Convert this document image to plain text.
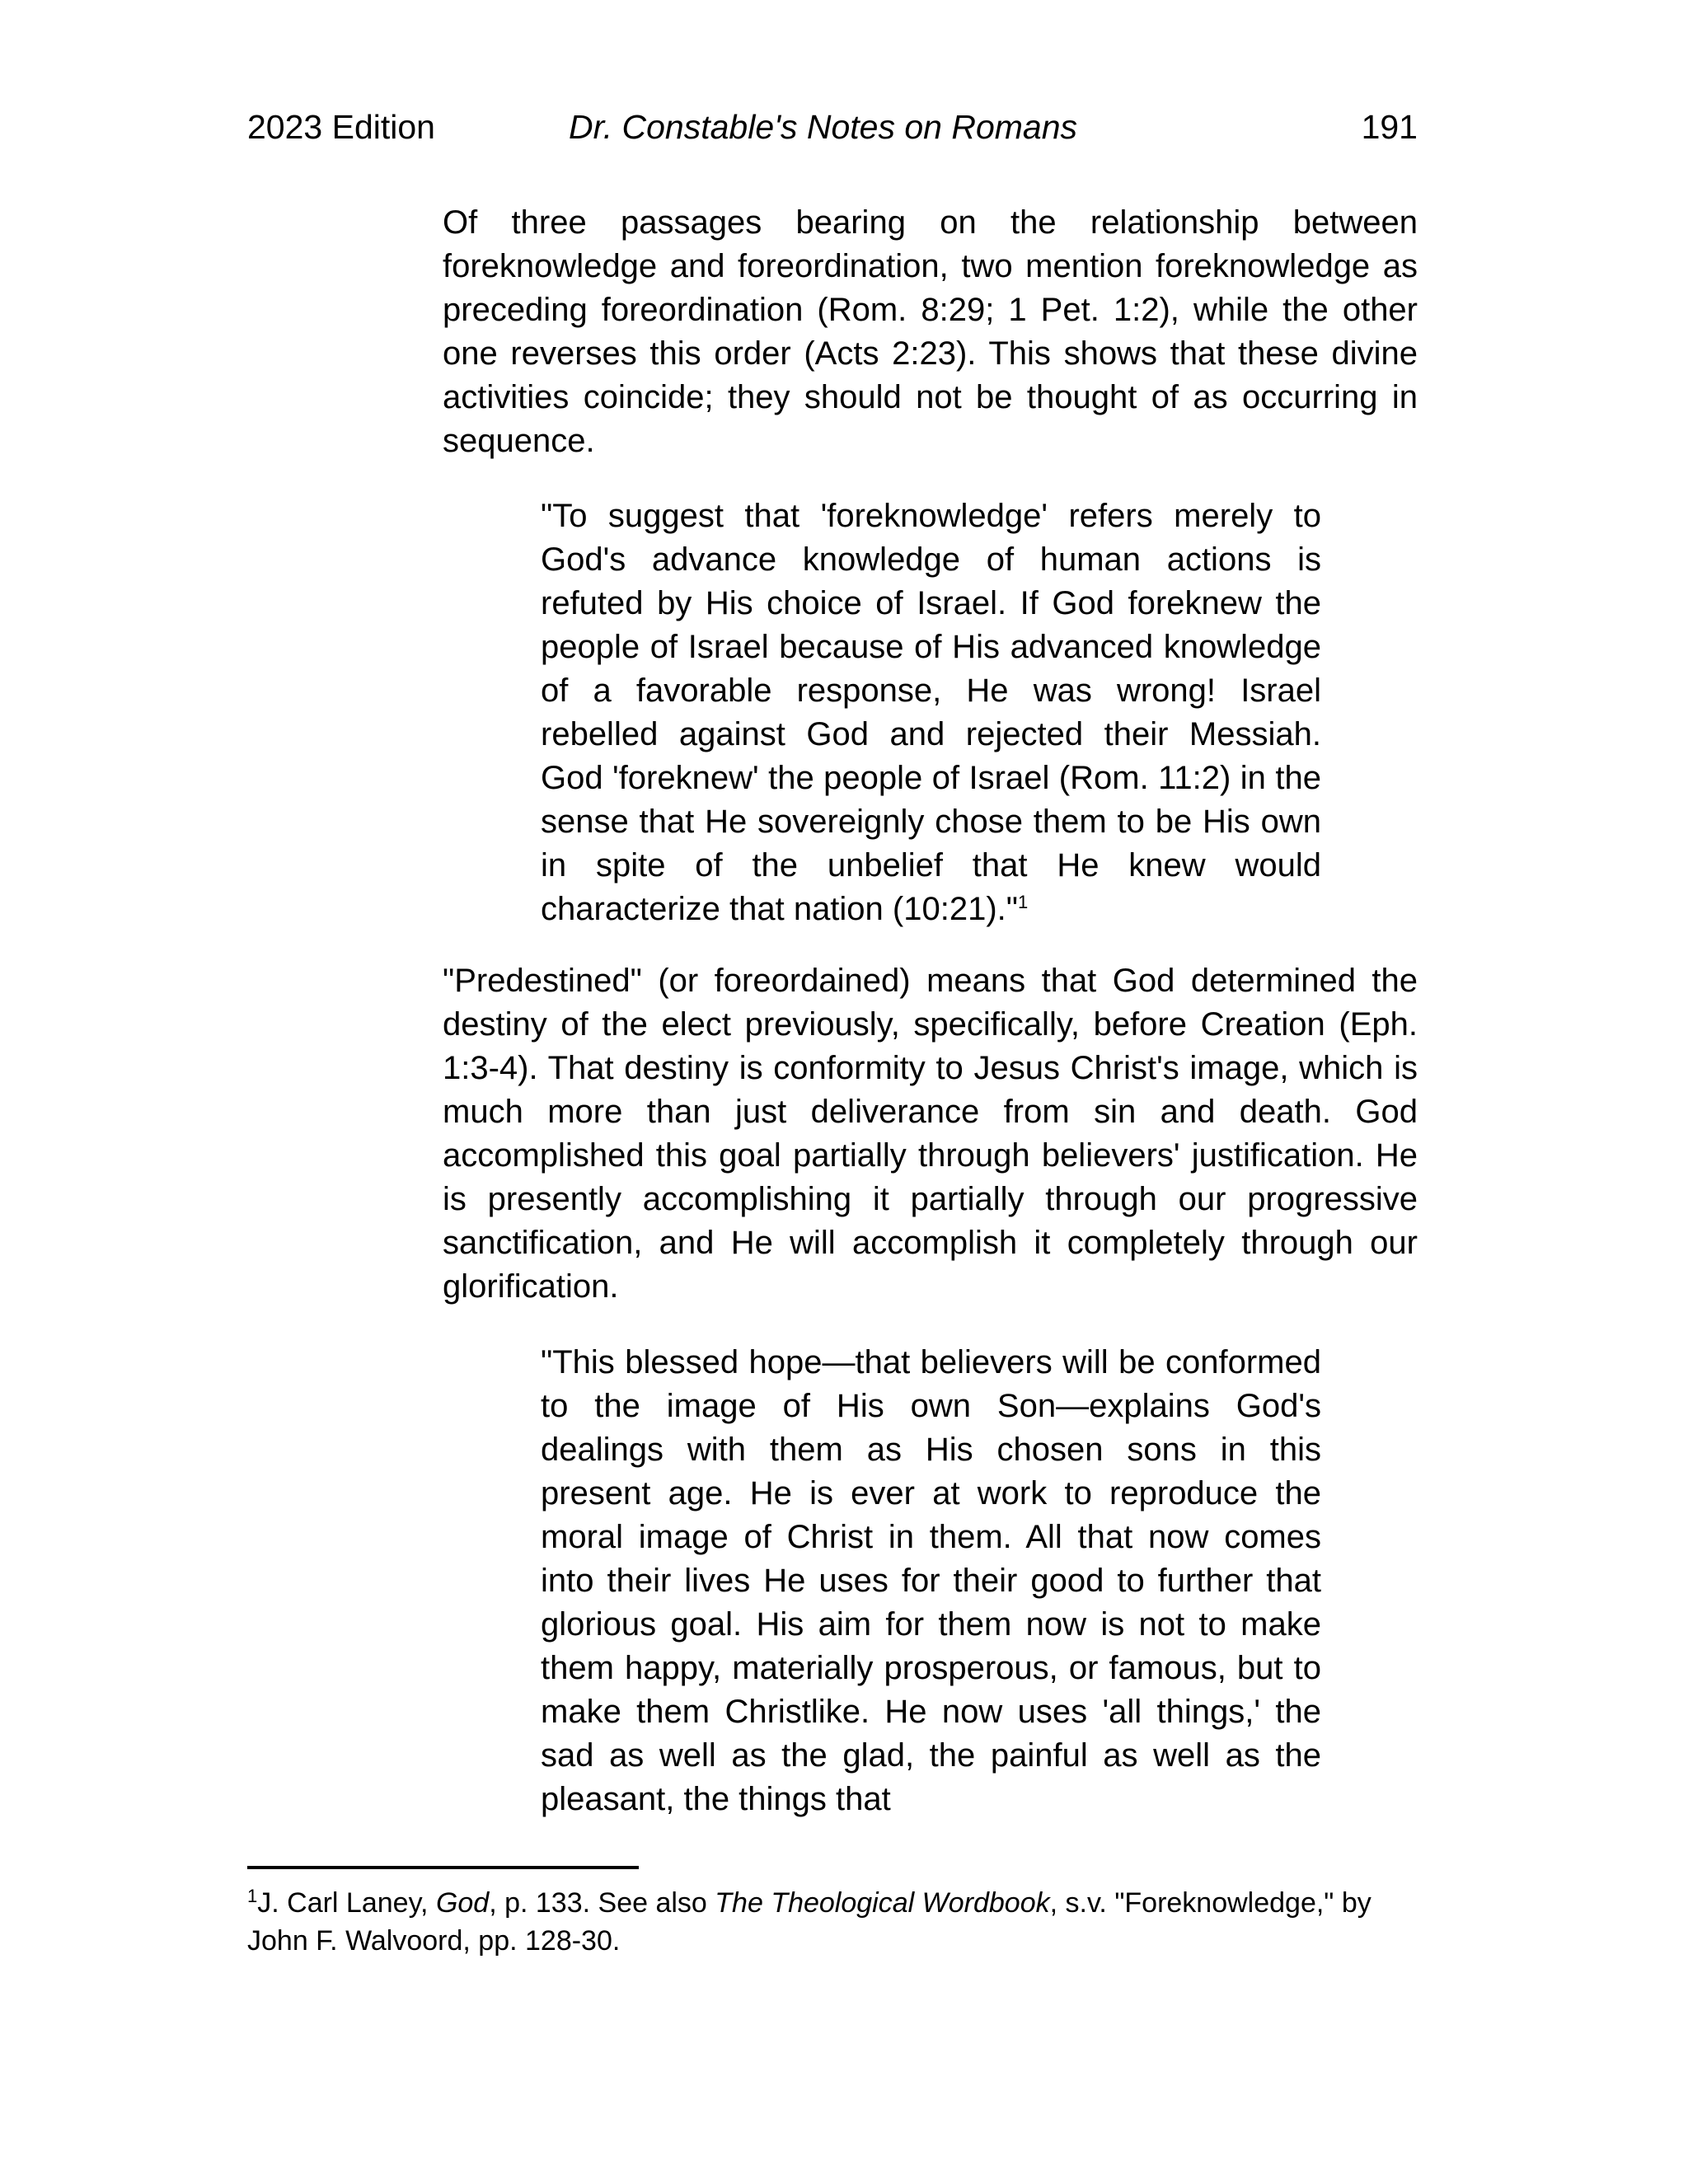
2023 Edition	Dr. Constable's Notes on Romans	191

Of three passages bearing on the relationship between foreknowledge and foreordination, two mention foreknowledge as preceding foreordination (Rom. 8:29; 1 Pet. 1:2), while the other one reverses this order (Acts 2:23). This shows that these divine activities coincide; they should not be thought of as occurring in sequence.

"To suggest that 'foreknowledge' refers merely to God's advance knowledge of human actions is refuted by His choice of Israel. If God foreknew the people of Israel because of His advanced knowledge of a favorable response, He was wrong! Israel rebelled against God and rejected their Messiah. God 'foreknew' the people of Israel (Rom. 11:2) in the sense that He sovereignly chose them to be His own in spite of the unbelief that He knew would characterize that nation (10:21)."$^1$

"Predestined" (or foreordained) means that God determined the destiny of the elect previously, specifically, before Creation (Eph. 1:3-4). That destiny is conformity to Jesus Christ's image, which is much more than just deliverance from sin and death. God accomplished this goal partially through believers' justification. He is presently accomplishing it partially through our progressive sanctification, and He will accomplish it completely through our glorification.

"This blessed hope—that believers will be conformed to the image of His own Son—explains God's dealings with them as His chosen sons in this present age. He is ever at work to reproduce the moral image of Christ in them. All that now comes into their lives He uses for their good to further that glorious goal. His aim for them now is not to make them happy, materially prosperous, or famous, but to make them Christlike. He now uses 'all things,' the sad as well as the glad, the painful as well as the pleasant, the things that

$^1$J. Carl Laney, God, p. 133. See also The Theological Wordbook, s.v. "Foreknowledge," by John F. Walvoord, pp. 128-30.
